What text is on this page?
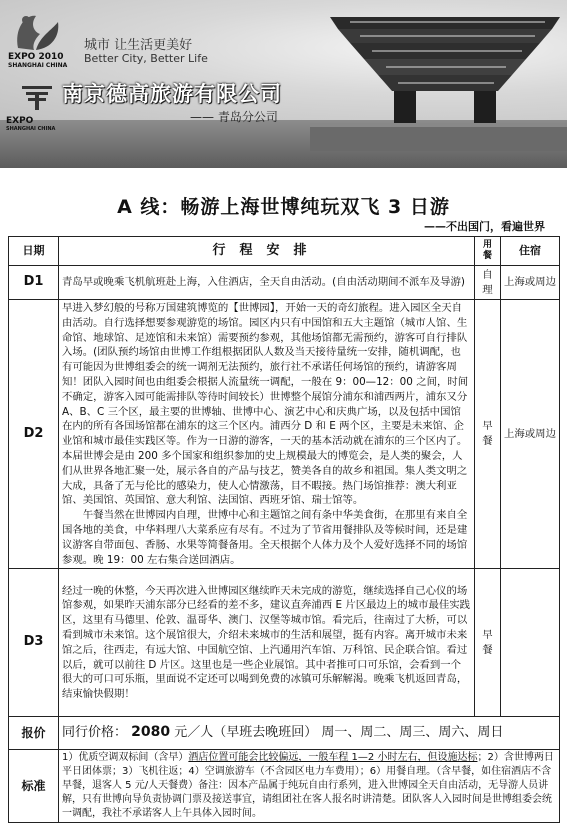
EXPO 2010
SHANGHAI CHINA
城市 让生活更美好
Better City, Better Life
南京德高旅游有限公司
—— 青岛分公司
EXPO
SHANGHAI CHINA
A 线：畅游上海世博纯玩双飞 3 日游
——不出国门，看遍世界
日期	行程安排	用餐	住宿
D1	青岛早或晚乘飞机航班赴上海，入住酒店，全天自由活动。(自由活动期间不派车及导游)	自理	上海或周边
D2	早进入梦幻般的号称万国建筑博览的【世博园】，开始一天的奇幻旅程。进入园区全天自由活动。自行选择想要参观游览的场馆。园区内只有中国馆和五大主题馆（城市人馆、生命馆、地球馆、足迹馆和未来馆）需要预约参观，其他场馆都无需预约，游客可自行排队入场。(团队预约场馆由世博工作组根据团队人数及当天接待量统一安排，随机调配，也有可能因为世博组委会的统一调剂无法预约，旅行社不承诺任何场馆的预约，请游客周知！团队入园时间也由组委会根据人流量统一调配，一般在 9：00—12：00 之间，时间不确定，游客入园可能需排队等待时间较长）世博整个展馆分浦东和浦西两片，浦东又分 A、B、C 三个区，最主要的世博轴、世博中心、演艺中心和庆典广场，以及包括中国馆在内的所有各国场馆都在浦东的这三个区内。浦西分 D 和 E 两个区，主要是未来馆、企业馆和城市最佳实践区等。作为一日游的游客，一天的基本活动就在浦东的三个区内了。本届世博会是由 200 多个国家和组织参加的史上规模最大的博览会，是人类的聚会，人们从世界各地汇聚一处，展示各自的产品与技艺，赞美各自的故乡和祖国。集人类文明之大成，具备了无与伦比的感染力，使人心情激荡，目不暇接。热门场馆推荐：澳大利亚馆、美国馆、英国馆、意大利馆、法国馆、西班牙馆、瑞士馆等。
午餐当然在世博园内自理，世博中心和主题馆之间有条中华美食街，在那里有来自全国各地的美食，中华料理八大菜系应有尽有。不过为了节省用餐排队及等候时间，还是建议游客自带面包、香肠、水果等简餐备用。全天根据个人体力及个人爱好选择不同的场馆参观。晚 19：00 左右集合送回酒店。	早餐	上海或周边
D3	经过一晚的休整，今天再次进入世博园区继续昨天未完成的游览，继续选择自己心仪的场馆参观，如果昨天浦东部分已经看的差不多，建议直奔浦西 E 片区最边上的城市最佳实践区，这里有马德里、伦敦、温哥华、澳门、汉堡等城市馆。看完后，往南过了大桥，可以看到城市未来馆。这个展馆很大，介绍未来城市的生活和展望，挺有内容。离开城市未来馆之后，往西走，有远大馆、中国航空馆、上汽通用汽车馆、万科馆、民企联合馆。看过以后，就可以前往 D 片区。这里也是一些企业展馆。其中者推可口可乐馆，会看到一个很大的可口可乐瓶，里面说不定还可以喝到免费的冰镇可乐解解渴。晚乘飞机返回青岛，结束愉快假期！	早餐	
报价	同行价格： 2080 元／人（早班去晚班回） 周一、周二、周三、周六、周日		
标准	1）优质空调双标间（含早）酒店位置可能会比较偏远，一般车程 1—2 小时左右，但设施达标；2）含世博两日平日团体票；3）飞机往返；4）空调旅游车（不含园区电力车费用）；6）用餐自理。（含早餐，如住宿酒店不含早餐，退客人 5 元/人天餐费）备注：因本产品属于纯玩自由行系列，进入世博园全天自由活动，无导游人员讲解，只有世博向导负责协调门票及接送事宜，请组团社在客人报名时讲清楚。团队客人入园时间是世博组委会统一调配，我社不承诺客人上午具体入园时间。		
